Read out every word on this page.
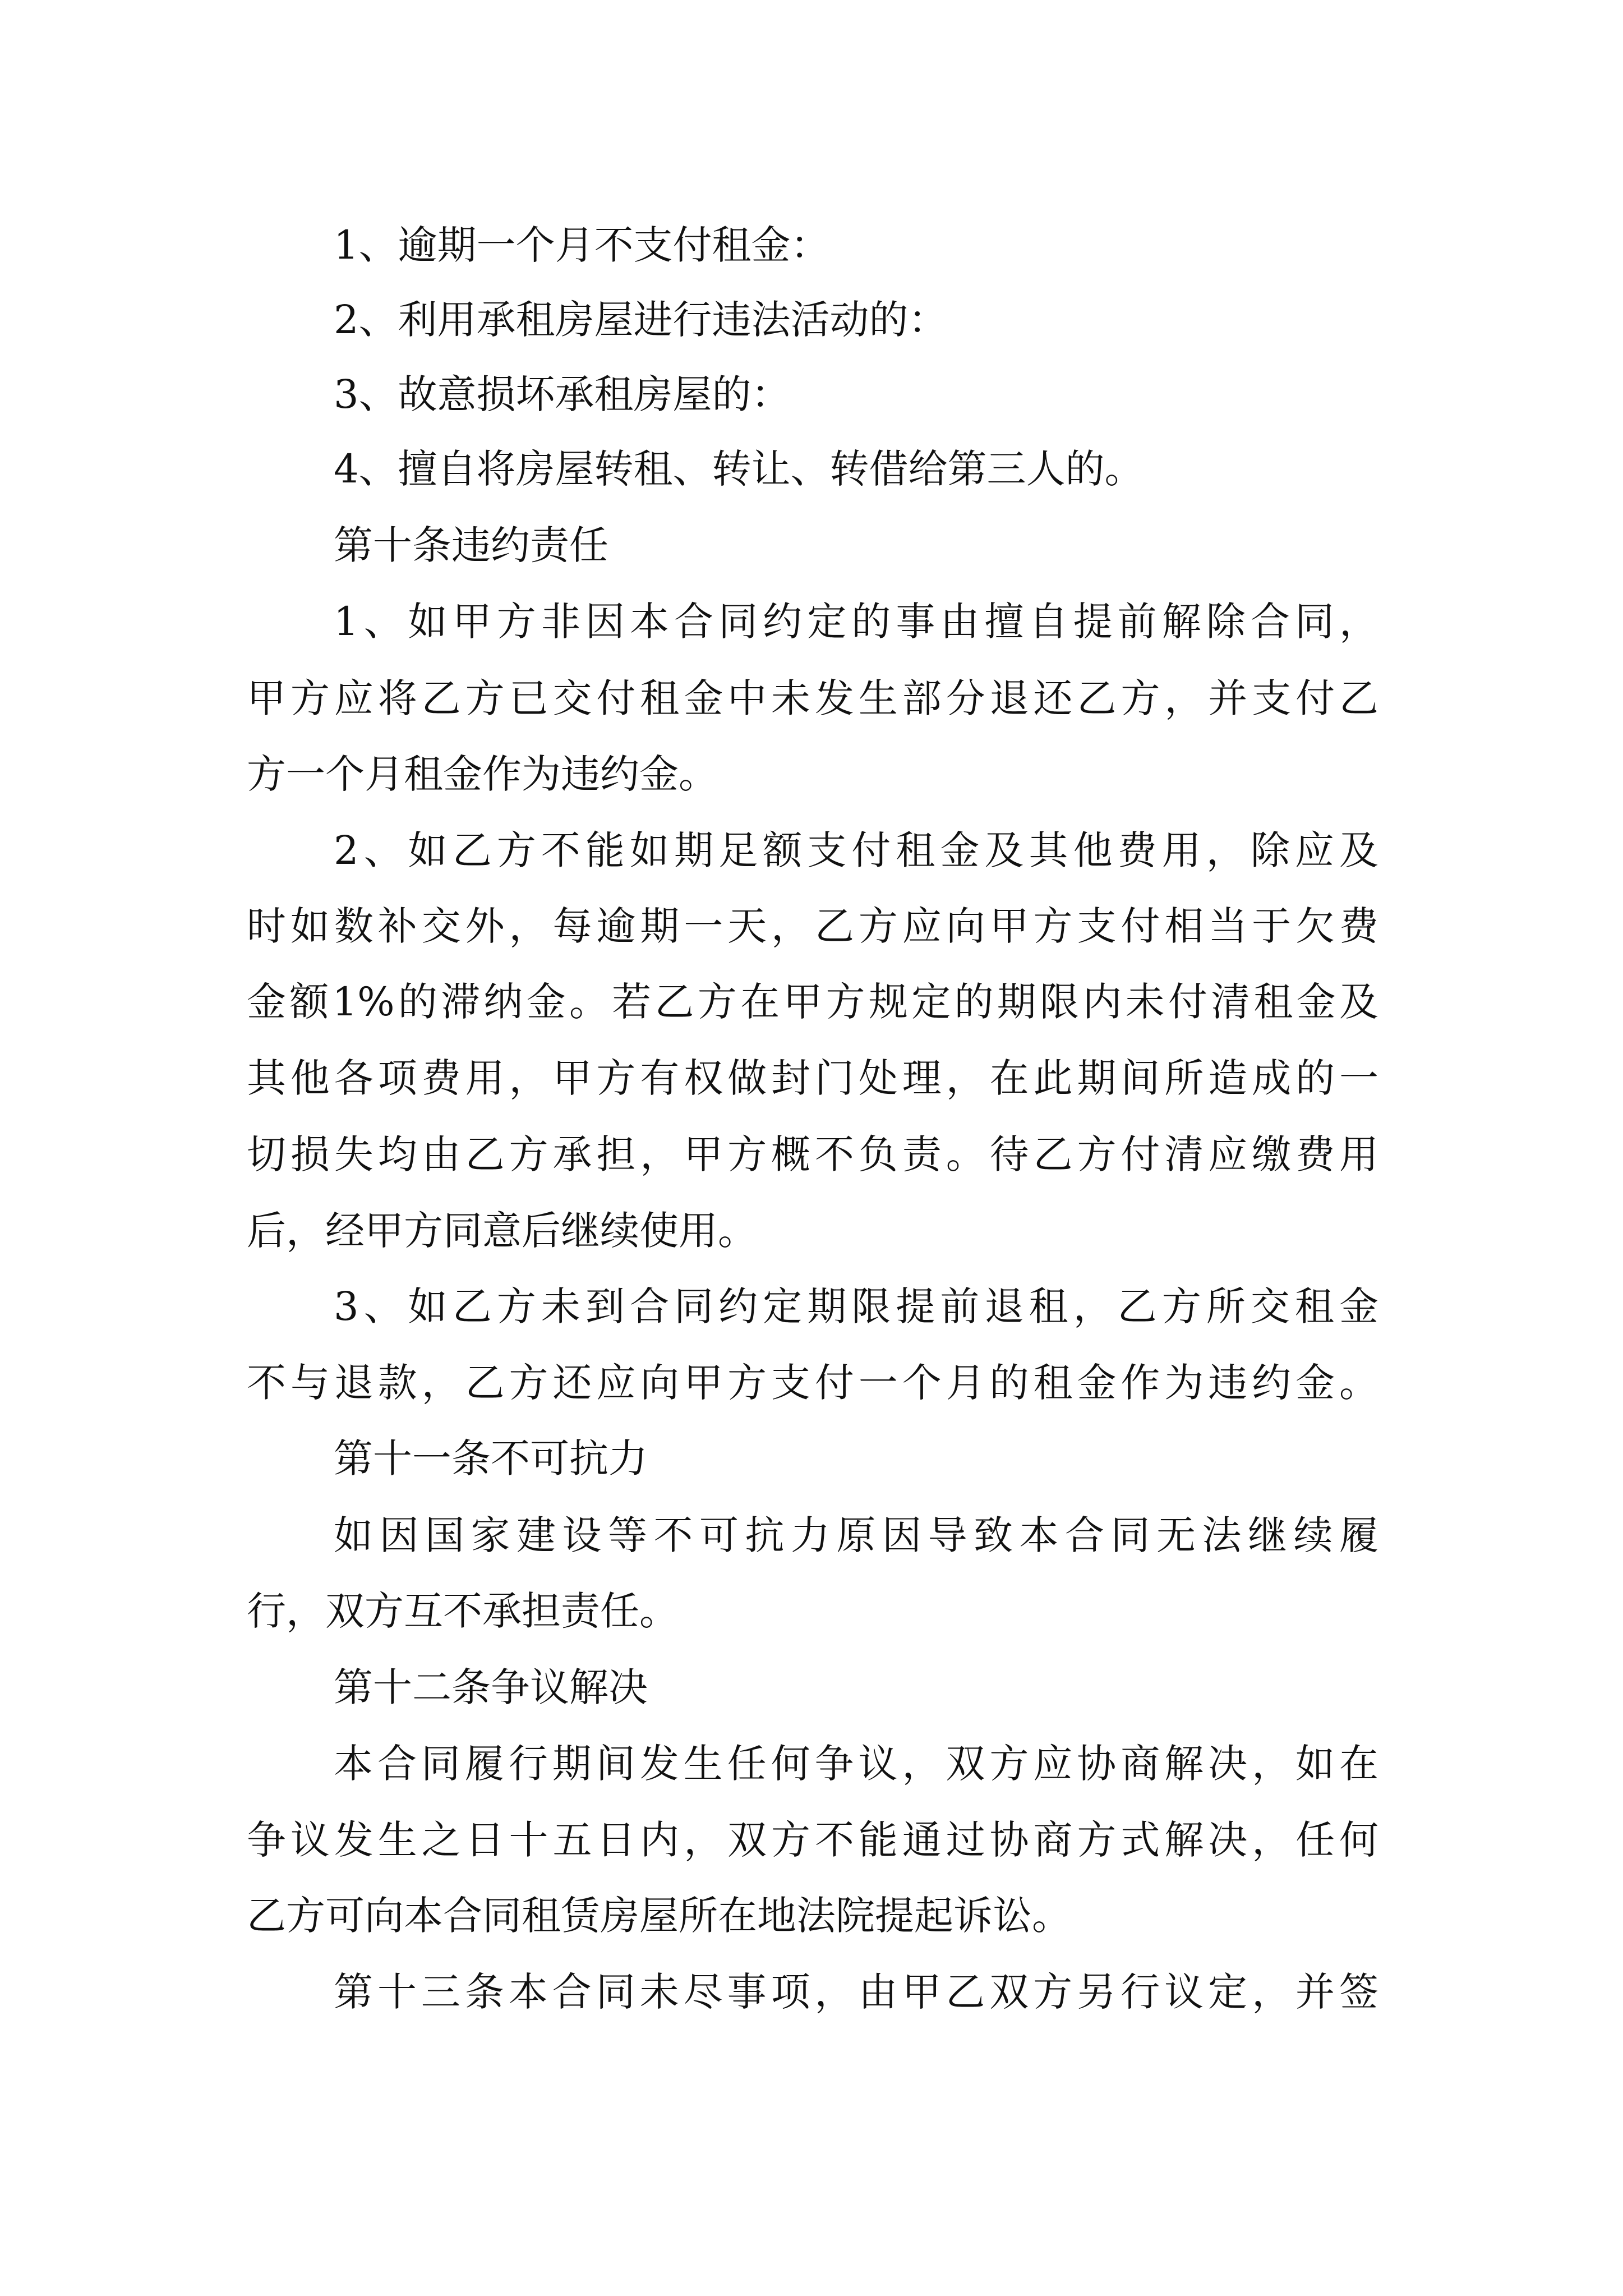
1、逾期一个月不支付租金：
2、利用承租房屋进行违法活动的：
3、故意损坏承租房屋的：
4、擅自将房屋转租、转让、转借给第三人的。
第十条违约责任
1、如甲方非因本合同约定的事由擅自提前解除合同，
甲方应将乙方已交付租金中未发生部分退还乙方，并支付乙
方一个月租金作为违约金。
2、如乙方不能如期足额支付租金及其他费用，除应及
时如数补交外，每逾期一天，乙方应向甲方支付相当于欠费
金额1%的滞纳金。若乙方在甲方规定的期限内未付清租金及
其他各项费用，甲方有权做封门处理，在此期间所造成的一
切损失均由乙方承担，甲方概不负责。待乙方付清应缴费用
后，经甲方同意后继续使用。
3、如乙方未到合同约定期限提前退租，乙方所交租金
不与退款，乙方还应向甲方支付一个月的租金作为违约金。
第十一条不可抗力
如因国家建设等不可抗力原因导致本合同无法继续履
行，双方互不承担责任。
第十二条争议解决
本合同履行期间发生任何争议，双方应协商解决，如在
争议发生之日十五日内，双方不能通过协商方式解决，任何
乙方可向本合同租赁房屋所在地法院提起诉讼。
第十三条本合同未尽事项，由甲乙双方另行议定，并签
